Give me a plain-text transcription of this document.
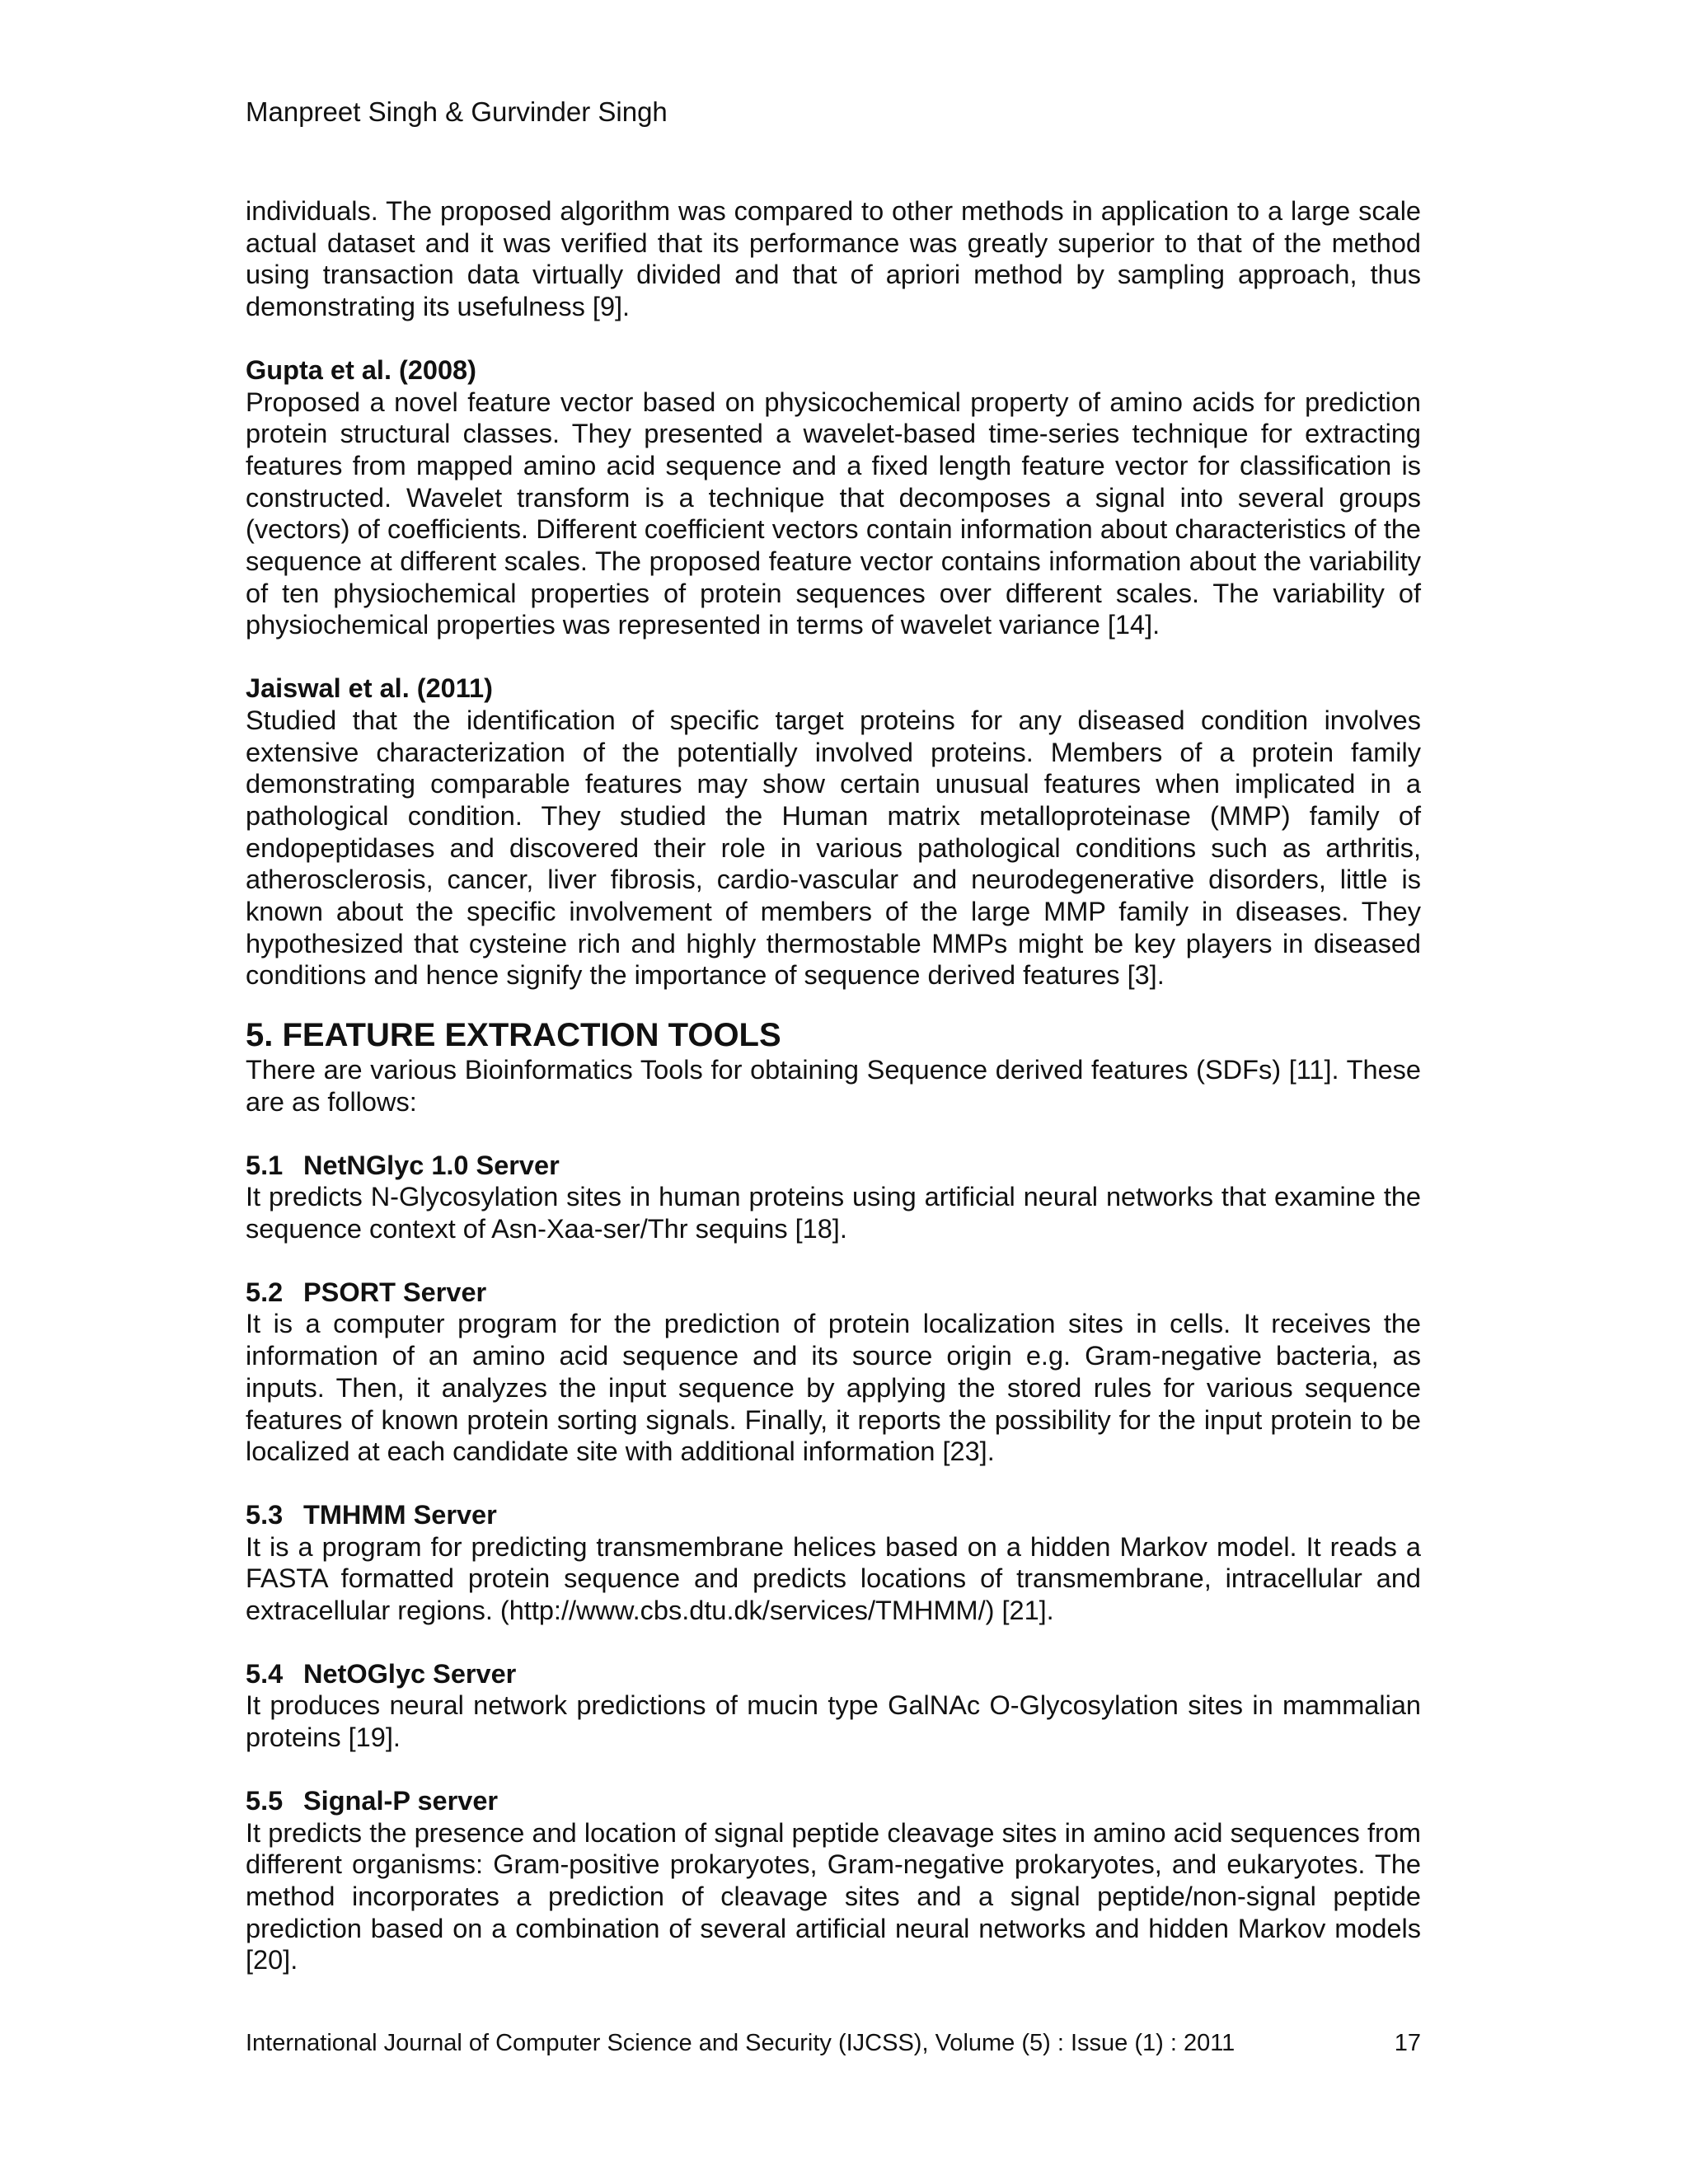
Manpreet Singh & Gurvinder Singh

individuals. The proposed algorithm was compared to other methods in application to a large scale actual dataset and it was verified that its performance was greatly superior to that of the method using transaction data virtually divided and that of apriori method by sampling approach, thus demonstrating its usefulness [9].

Gupta et al. (2008)

Proposed a novel feature vector based on physicochemical property of amino acids for prediction protein structural classes. They presented a wavelet-based time-series technique for extracting features from mapped amino acid sequence and a fixed length feature vector for classification is constructed. Wavelet transform is a technique that decomposes a signal into several groups (vectors) of coefficients. Different coefficient vectors contain information about characteristics of the sequence at different scales. The proposed feature vector contains information about the variability of ten physiochemical properties of protein sequences over different scales. The variability of physiochemical properties was represented in terms of wavelet variance [14].

Jaiswal et al. (2011)

Studied that the identification of specific target proteins for any diseased condition involves extensive characterization of the potentially involved proteins. Members of a protein family demonstrating comparable features may show certain unusual features when implicated in a pathological condition. They studied the Human matrix metalloproteinase (MMP) family of endopeptidases and discovered their role in various pathological conditions such as arthritis, atherosclerosis, cancer, liver fibrosis, cardio-vascular and neurodegenerative disorders, little is known about the specific involvement of members of the large MMP family in diseases. They hypothesized that cysteine rich and highly thermostable MMPs might be key players in diseased conditions and hence signify the importance of sequence derived features [3].

5. FEATURE EXTRACTION TOOLS

There are various Bioinformatics Tools for obtaining Sequence derived features (SDFs) [11]. These are as follows:

5.1 NetNGlyc 1.0 Server

It predicts N-Glycosylation sites in human proteins using artificial neural networks that examine the sequence context of Asn-Xaa-ser/Thr sequins [18].

5.2 PSORT Server

It is a computer program for the prediction of protein localization sites in cells. It receives the information of an amino acid sequence and its source origin e.g. Gram-negative bacteria, as inputs. Then, it analyzes the input sequence by applying the stored rules for various sequence features of known protein sorting signals. Finally, it reports the possibility for the input protein to be localized at each candidate site with additional information [23].

5.3 TMHMM Server

It is a program for predicting transmembrane helices based on a hidden Markov model. It reads a FASTA formatted protein sequence and predicts locations of transmembrane, intracellular and extracellular regions. (http://www.cbs.dtu.dk/services/TMHMM/) [21].

5.4 NetOGlyc Server

It produces neural network predictions of mucin type GalNAc O-Glycosylation sites in mammalian proteins [19].

5.5 Signal-P server

It predicts the presence and location of signal peptide cleavage sites in amino acid sequences from different organisms: Gram-positive prokaryotes, Gram-negative prokaryotes, and eukaryotes. The method incorporates a prediction of cleavage sites and a signal peptide/non-signal peptide prediction based on a combination of several artificial neural networks and hidden Markov models [20].

International Journal of Computer Science and Security (IJCSS), Volume (5) : Issue (1) : 2011	17
